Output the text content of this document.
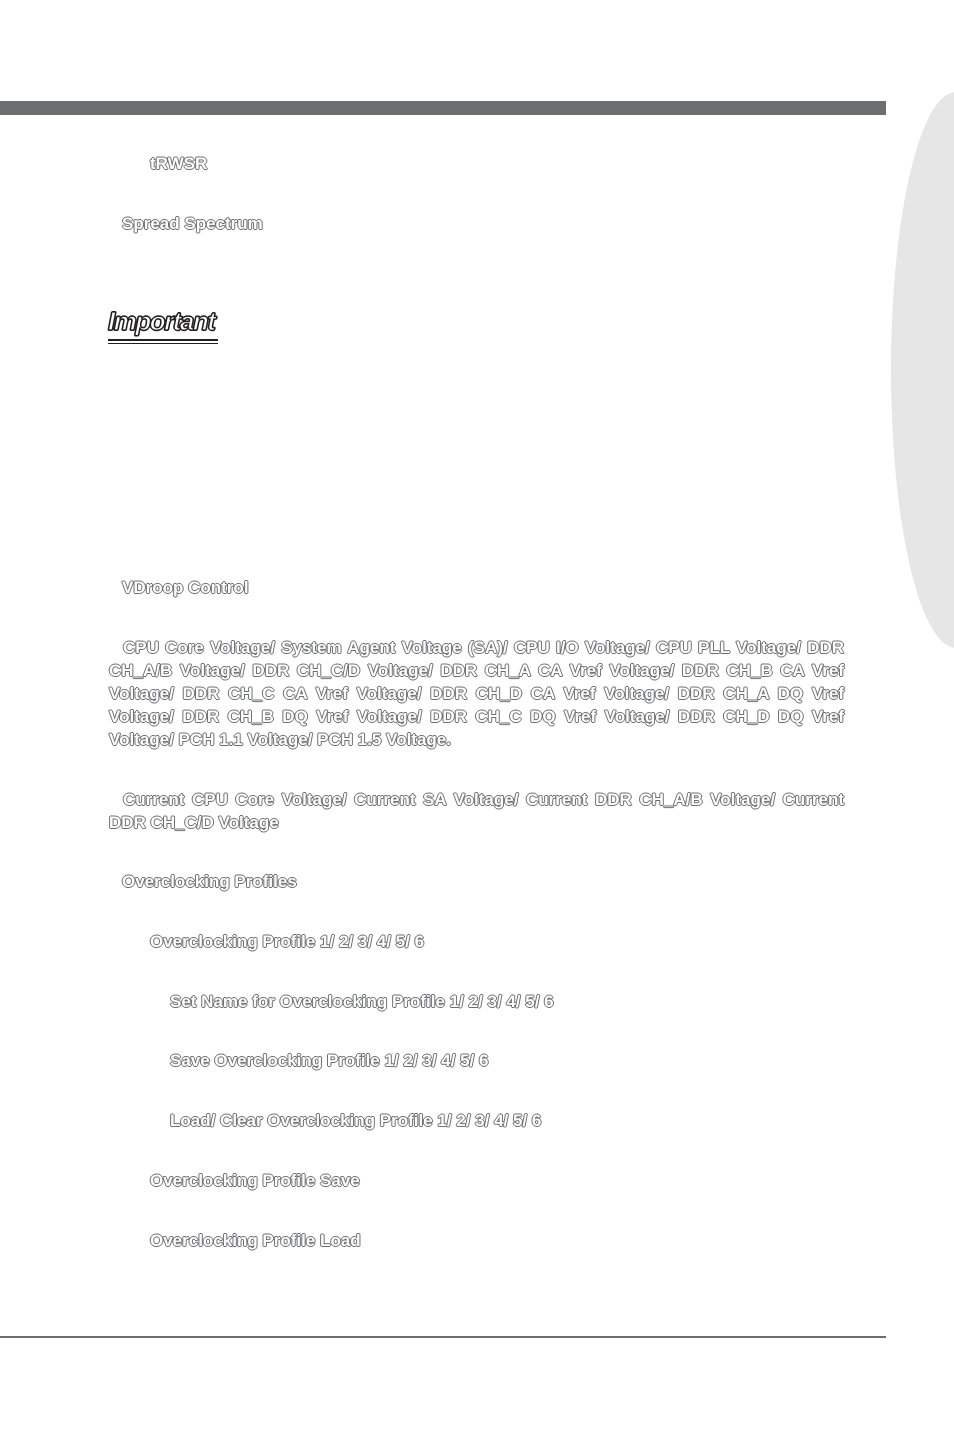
tRWSR

Spread Spectrum

Important

VDroop Control

CPU Core Voltage/ System Agent Voltage (SA)/ CPU I/O Voltage/ CPU PLL Voltage/ DDR CH_A/B Voltage/ DDR CH_C/D Voltage/ DDR CH_A CA Vref Voltage/ DDR CH_B CA Vref Voltage/ DDR CH_C CA Vref Voltage/ DDR CH_D CA Vref Voltage/ DDR CH_A DQ Vref Voltage/ DDR CH_B DQ Vref Voltage/ DDR CH_C DQ Vref Voltage/ DDR CH_D DQ Vref Voltage/ PCH 1.1 Voltage/ PCH 1.5 Voltage.

Current CPU Core Voltage/ Current SA Voltage/ Current DDR CH_A/B Voltage/ Current DDR CH_C/D Voltage

Overclocking Profiles

Overclocking Profile 1/ 2/ 3/ 4/ 5/ 6

Set Name for Overclocking Profile 1/ 2/ 3/ 4/ 5/ 6

Save Overclocking Profile 1/ 2/ 3/ 4/ 5/ 6

Load/ Clear Overclocking Profile 1/ 2/ 3/ 4/ 5/ 6

Overclocking Profile Save

Overclocking Profile Load
